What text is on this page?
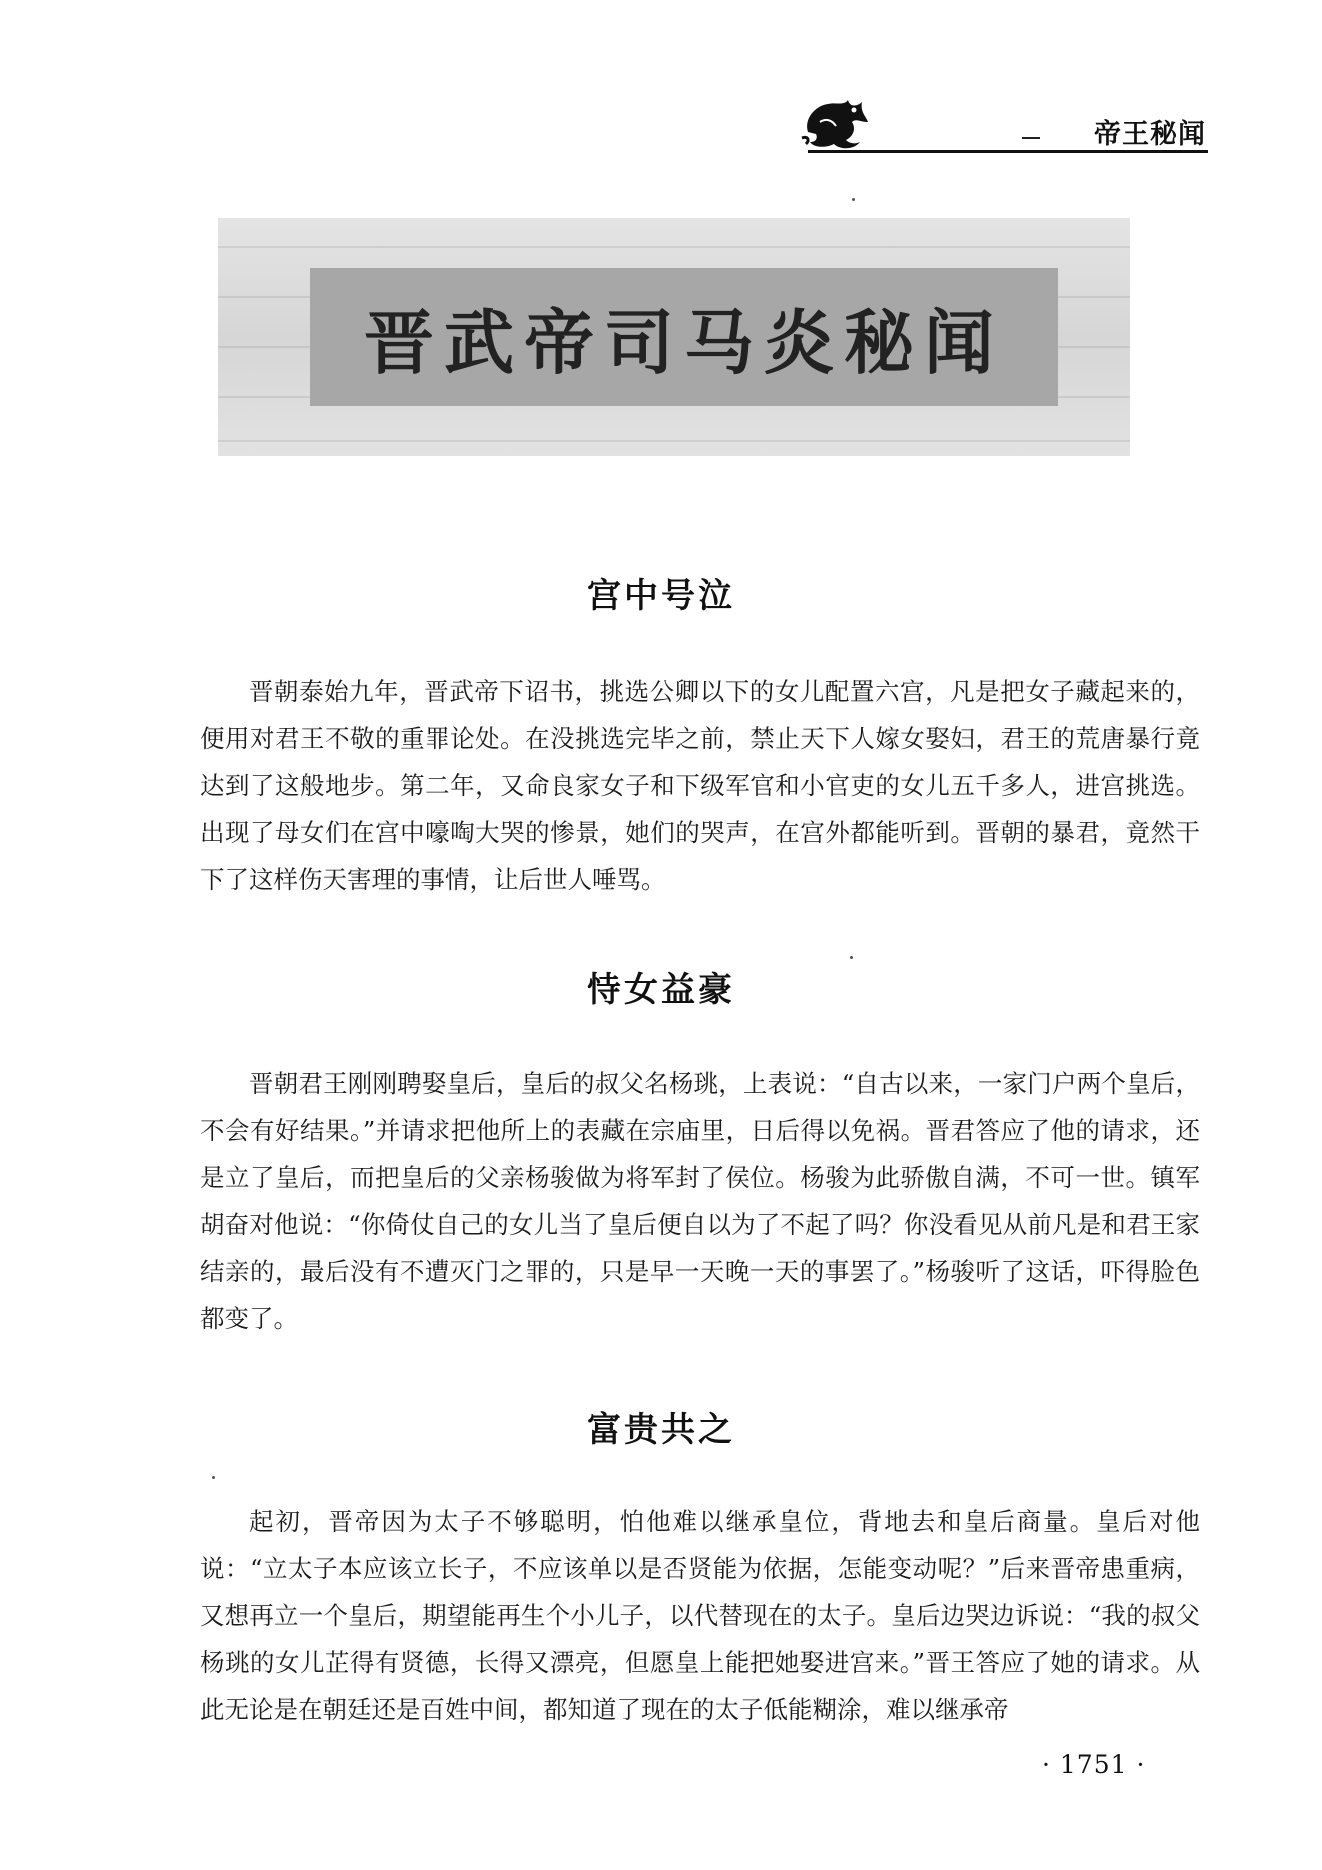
帝王秘闻
晋武帝司马炎秘闻
宫中号泣
晋朝泰始九年，晋武帝下诏书，挑选公卿以下的女儿配置六宫，凡是把女子藏起来的，便用对君王不敬的重罪论处。在没挑选完毕之前，禁止天下人嫁女娶妇，君王的荒唐暴行竟达到了这般地步。第二年，又命良家女子和下级军官和小官吏的女儿五千多人，进宫挑选。出现了母女们在宫中嚎啕大哭的惨景，她们的哭声，在宫外都能听到。晋朝的暴君，竟然干下了这样伤天害理的事情，让后世人唾骂。
恃女益豪
晋朝君王刚刚聘娶皇后，皇后的叔父名杨珧，上表说：“自古以来，一家门户两个皇后，不会有好结果。”并请求把他所上的表藏在宗庙里，日后得以免祸。晋君答应了他的请求，还是立了皇后，而把皇后的父亲杨骏做为将军封了侯位。杨骏为此骄傲自满，不可一世。镇军胡奋对他说：“你倚仗自己的女儿当了皇后便自以为了不起了吗？你没看见从前凡是和君王家结亲的，最后没有不遭灭门之罪的，只是早一天晚一天的事罢了。”杨骏听了这话，吓得脸色都变了。
富贵共之
起初，晋帝因为太子不够聪明，怕他难以继承皇位，背地去和皇后商量。皇后对他说：“立太子本应该立长子，不应该单以是否贤能为依据，怎能变动呢？”后来晋帝患重病，又想再立一个皇后，期望能再生个小儿子，以代替现在的太子。皇后边哭边诉说：“我的叔父杨珧的女儿芷得有贤德，长得又漂亮，但愿皇上能把她娶进宫来。”晋王答应了她的请求。从此无论是在朝廷还是百姓中间，都知道了现在的太子低能糊涂，难以继承帝
· 1751 ·
